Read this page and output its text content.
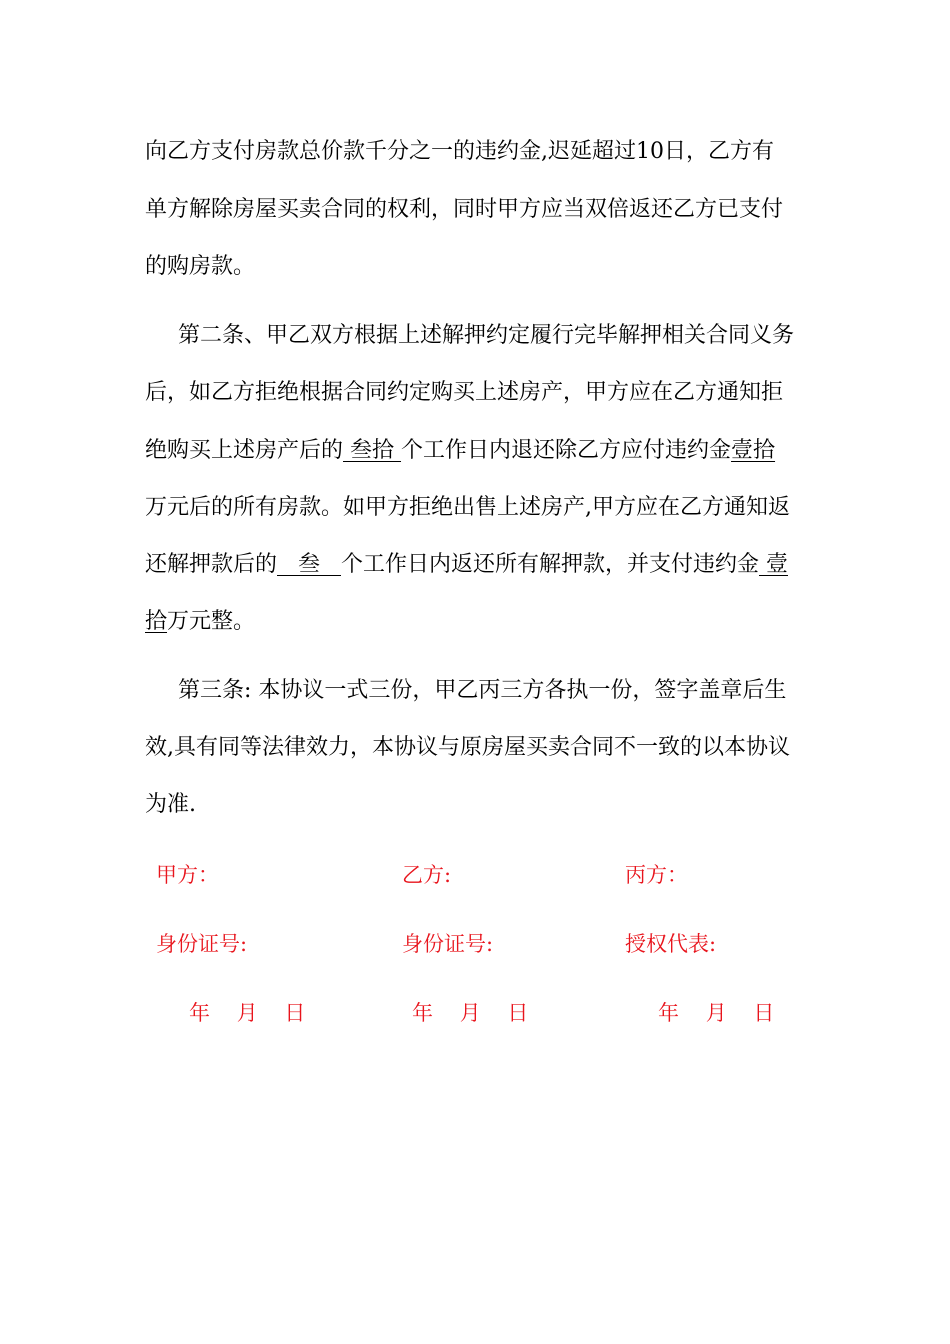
向乙方支付房款总价款千分之一的违约金,迟延超过10日，乙方有
单方解除房屋买卖合同的权利，同时甲方应当双倍返还乙方已支付
的购房款。
第二条、甲乙双方根据上述解押约定履行完毕解押相关合同义务
后，如乙方拒绝根据合同约定购买上述房产，甲方应在乙方通知拒
绝购买上述房产后的 叁拾 个工作日内退还除乙方应付违约金壹拾
万元后的所有房款。如甲方拒绝出售上述房产,甲方应在乙方通知返
还解押款后的   叁   个工作日内返还所有解押款，并支付违约金 壹
拾万元整。
第三条: 本协议一式三份，甲乙丙三方各执一份，签字盖章后生
效,具有同等法律效力，本协议与原房屋买卖合同不一致的以本协议
为准.
甲方：	乙方:	丙方：
身份证号:	身份证号:	授权代表:
年    月    日	年    月    日	年    月    日
